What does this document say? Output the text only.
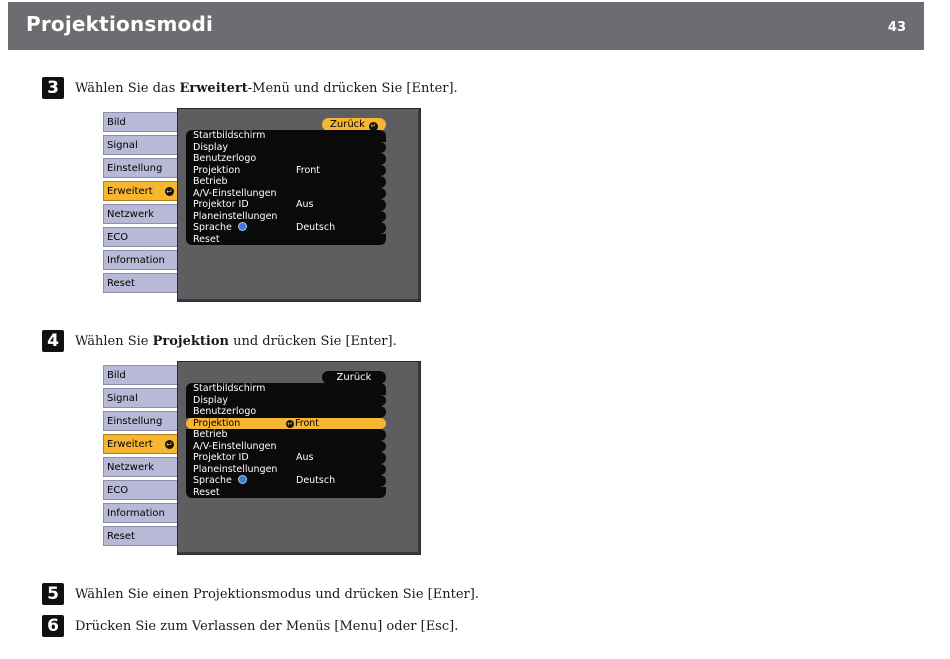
Projektionsmodi	43
3	Wählen Sie das Erweitert-Menü und drücken Sie [Enter].
Bild
Signal
Einstellung
Erweitert ↵
Netzwerk
ECO
Information
Reset
Zurück ↵
Startbildschirm
Display
Benutzerlogo
Projektion	Front
Betrieb
A/V-Einstellungen
Projektor ID	Aus
Planeinstellungen
Sprache	Deutsch
Reset
4	Wählen Sie Projektion und drücken Sie [Enter].
Bild
Signal
Einstellung
Erweitert ↵
Netzwerk
ECO
Information
Reset
Zurück
Startbildschirm
Display
Benutzerlogo
Projektion	↵ Front
Betrieb
A/V-Einstellungen
Projektor ID	Aus
Planeinstellungen
Sprache	Deutsch
Reset
5	Wählen Sie einen Projektionsmodus und drücken Sie [Enter].
6	Drücken Sie zum Verlassen der Menüs [Menu] oder [Esc].
